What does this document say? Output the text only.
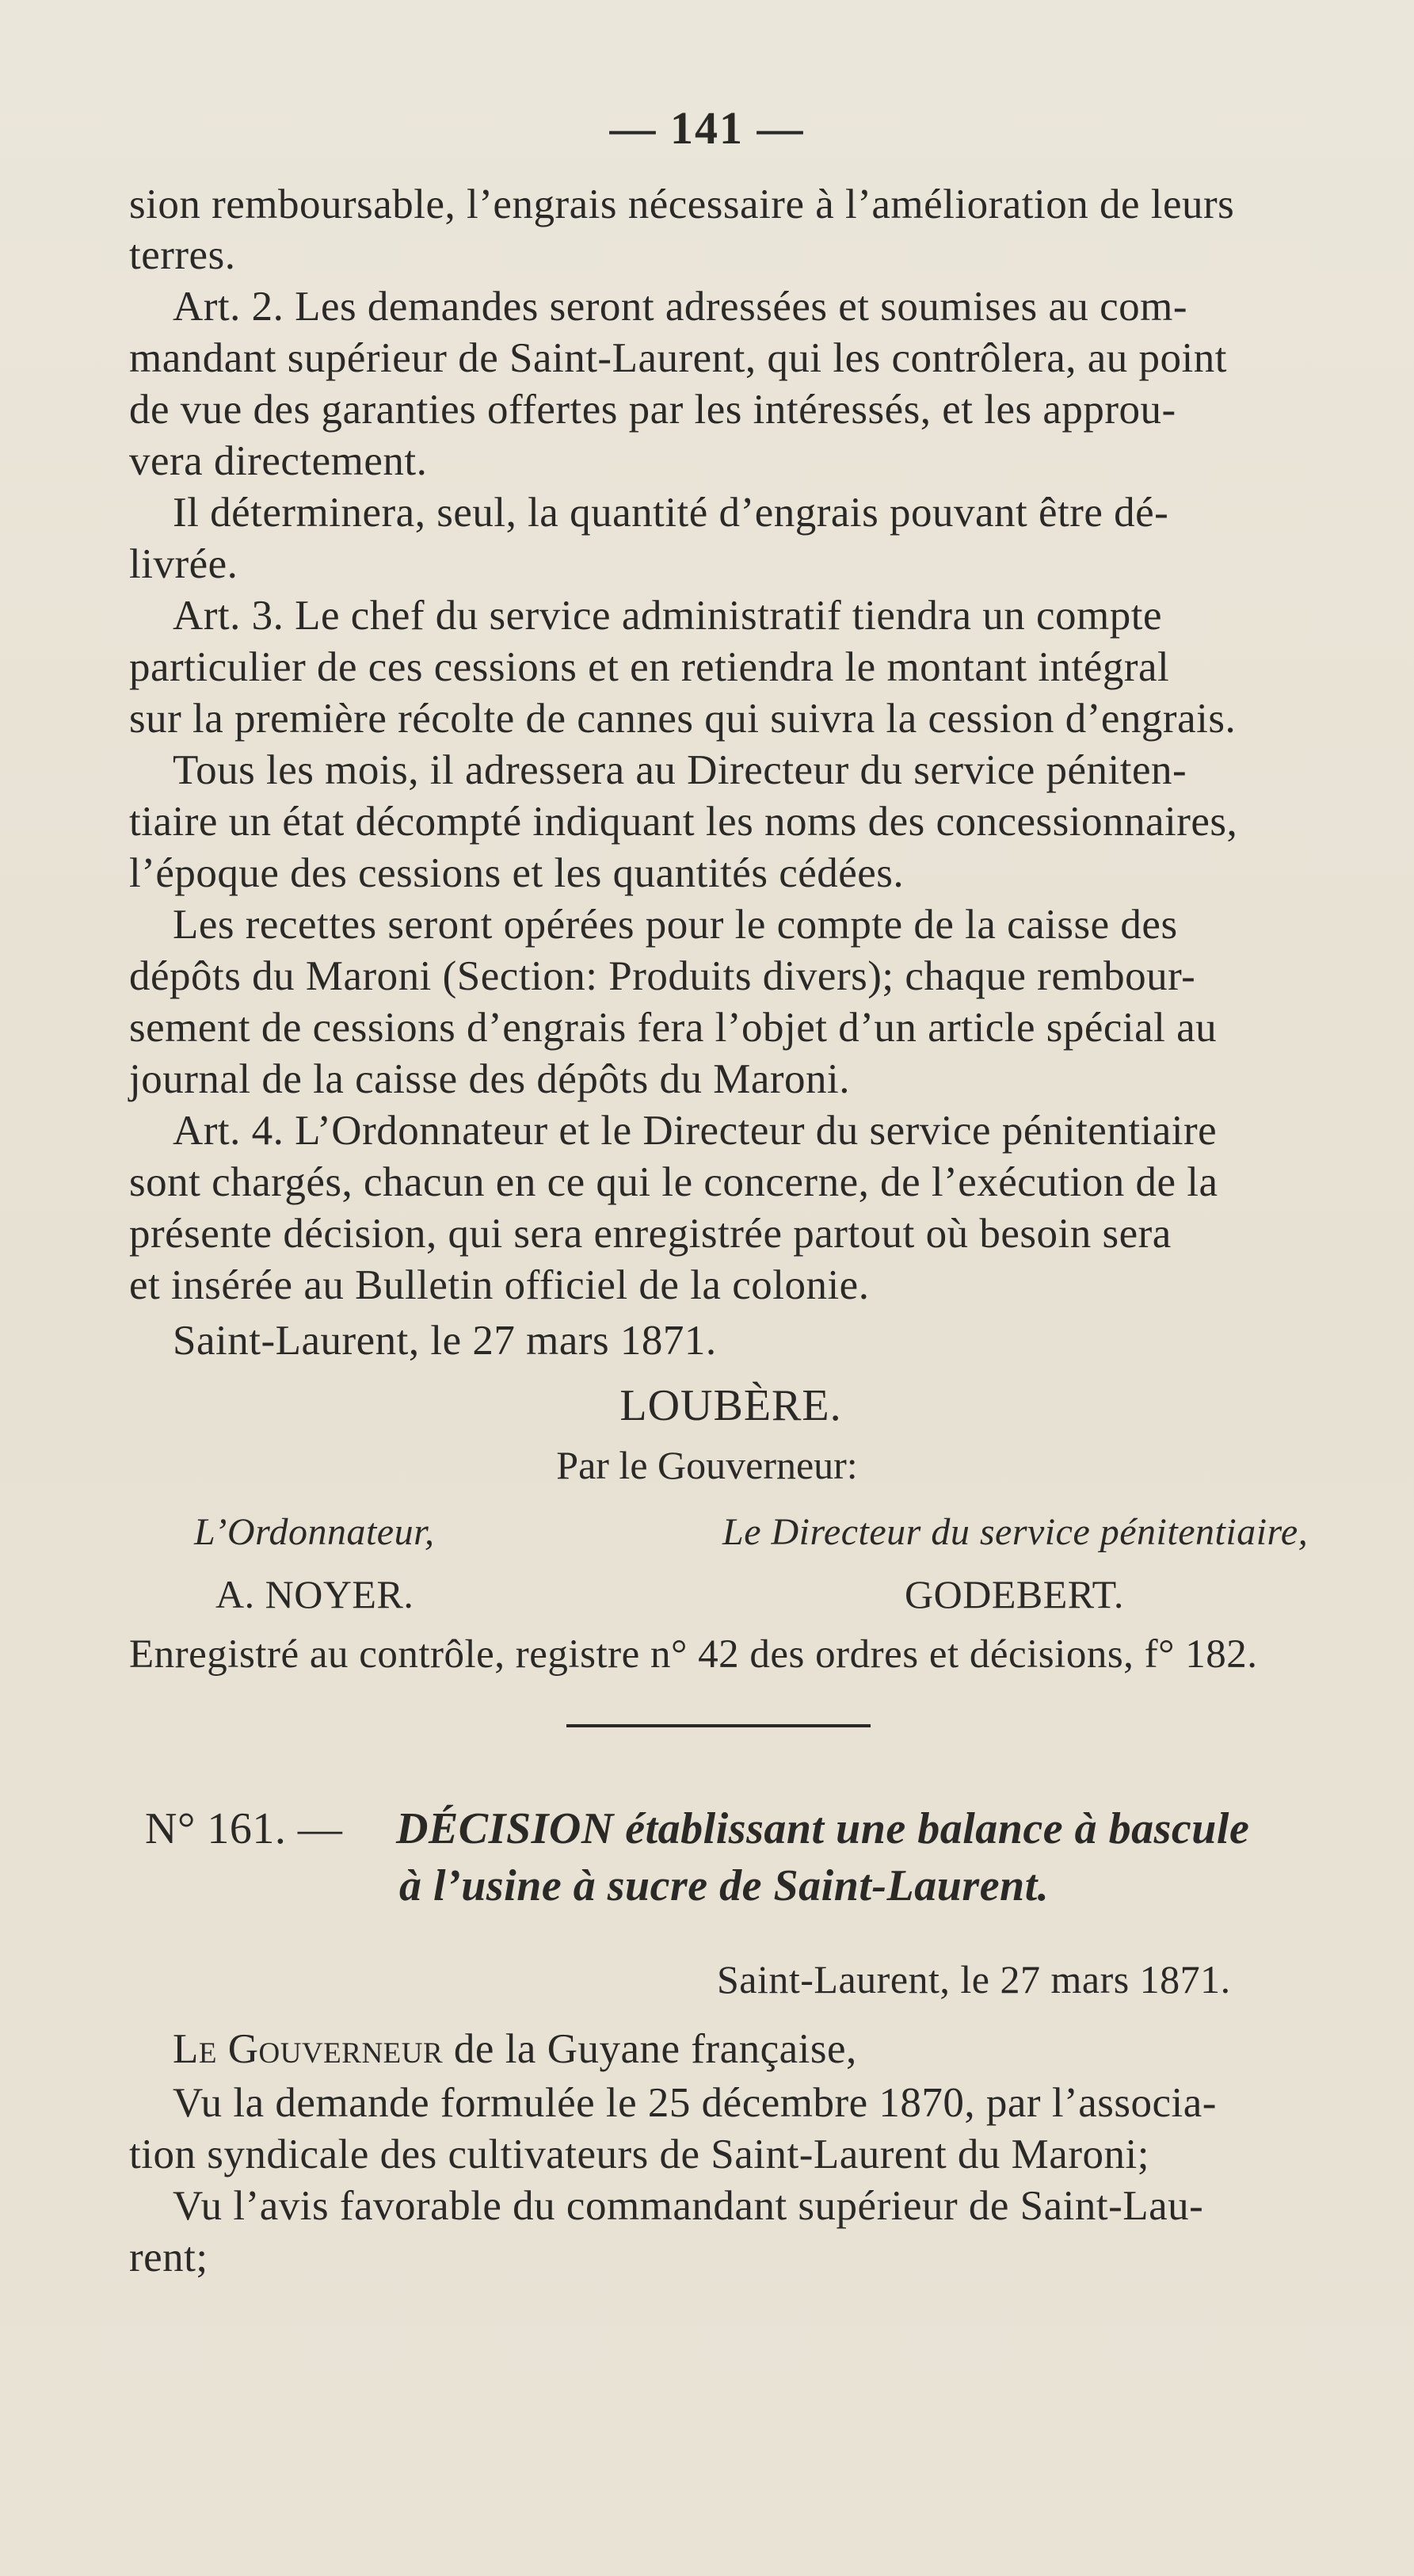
— 141 —
sion remboursable, l’engrais nécessaire à l’amélioration de leurs
terres.
Art. 2. Les demandes seront adressées et soumises au com-
mandant supérieur de Saint-Laurent, qui les contrôlera, au point
de vue des garanties offertes par les intéressés, et les approu-
vera directement.
Il déterminera, seul, la quantité d’engrais pouvant être dé-
livrée.
Art. 3. Le chef du service administratif tiendra un compte
particulier de ces cessions et en retiendra le montant intégral
sur la première récolte de cannes qui suivra la cession d’engrais.
Tous les mois, il adressera au Directeur du service péniten-
tiaire un état décompté indiquant les noms des concessionnaires,
l’époque des cessions et les quantités cédées.
Les recettes seront opérées pour le compte de la caisse des
dépôts du Maroni (Section: Produits divers); chaque rembour-
sement de cessions d’engrais fera l’objet d’un article spécial au
journal de la caisse des dépôts du Maroni.
Art. 4. L’Ordonnateur et le Directeur du service pénitentiaire
sont chargés, chacun en ce qui le concerne, de l’exécution de la
présente décision, qui sera enregistrée partout où besoin sera
et insérée au Bulletin officiel de la colonie.
Saint-Laurent, le 27 mars 1871.
LOUBÈRE.
Par le Gouverneur:
L’Ordonnateur,	Le Directeur du service pénitentiaire,
A. NOYER.	GODEBERT.
Enregistré au contrôle, registre n° 42 des ordres et décisions, f° 182.
N° 161. — DÉCISION établissant une balance à bascule
à l’usine à sucre de Saint-Laurent.
Saint-Laurent, le 27 mars 1871.
Le Gouverneur de la Guyane française,
Vu la demande formulée le 25 décembre 1870, par l’associa-
tion syndicale des cultivateurs de Saint-Laurent du Maroni;
Vu l’avis favorable du commandant supérieur de Saint-Lau-
rent;
